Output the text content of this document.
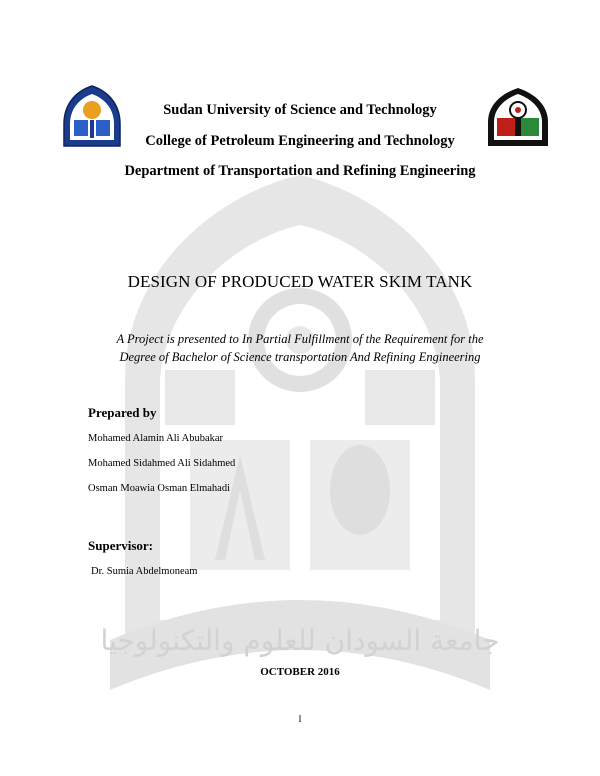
جامعة السودان للعلوم والتكنولوجيا
Sudan University of Science and Technology
College of Petroleum Engineering and Technology
Department of Transportation and Refining Engineering
DESIGN OF PRODUCED WATER SKIM TANK
A Project is presented to In Partial Fulfillment of the Requirement for the
Degree of Bachelor of Science transportation And Refining Engineering
Prepared by
Mohamed Alamin Ali Abubakar
Mohamed Sidahmed Ali Sidahmed
Osman Moawia Osman Elmahadi
Supervisor:
Dr. Sumia Abdelmoneam
OCTOBER 2016
I
